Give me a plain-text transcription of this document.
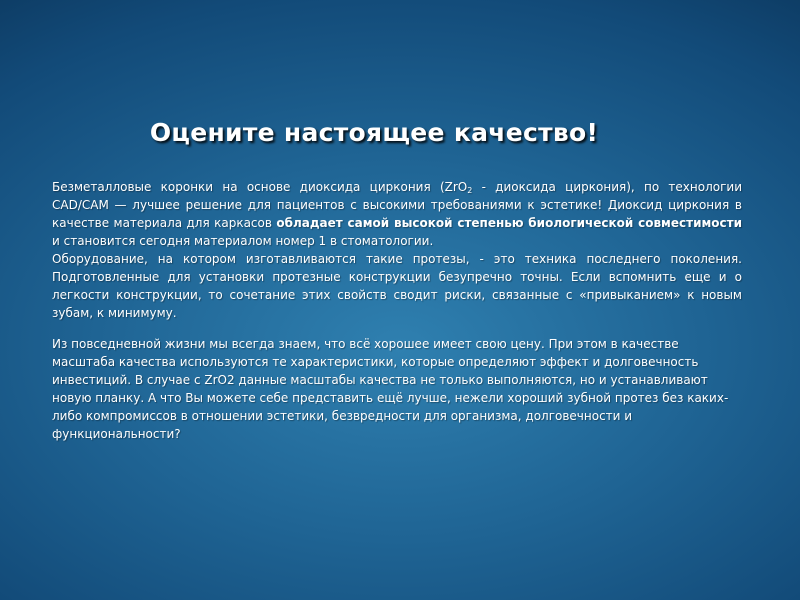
Оцените настоящее качество!

Безметалловые коронки на основе диоксида циркония (ZrO$_2$ - диоксида циркония), по технологии CAD/CAM — лучшее решение для пациентов с высокими требованиями к эстетике! Диоксид циркония в качестве материала для каркасов обладает самой высокой степенью биологической совместимости и становится сегодня материалом номер 1 в стоматологии.

Оборудование, на котором изготавливаются такие протезы, - это техника последнего поколения. Подготовленные для установки протезные конструкции безупречно точны. Если вспомнить еще и о легкости конструкции, то сочетание этих свойств сводит риски, связанные с «привыканием» к новым зубам, к минимуму.

Из повседневной жизни мы всегда знаем, что всё хорошее имеет свою цену. При этом в качестве масштаба качества используются те характеристики, которые определяют эффект и долговечность инвестиций. В случае с ZrO2 данные масштабы качества не только выполняются, но и устанавливают новую планку. А что Вы можете себе представить ещё лучше, нежели хороший зубной протез без каких-либо компромиссов в отношении эстетики, безвредности для организма, долговечности и функциональности?
